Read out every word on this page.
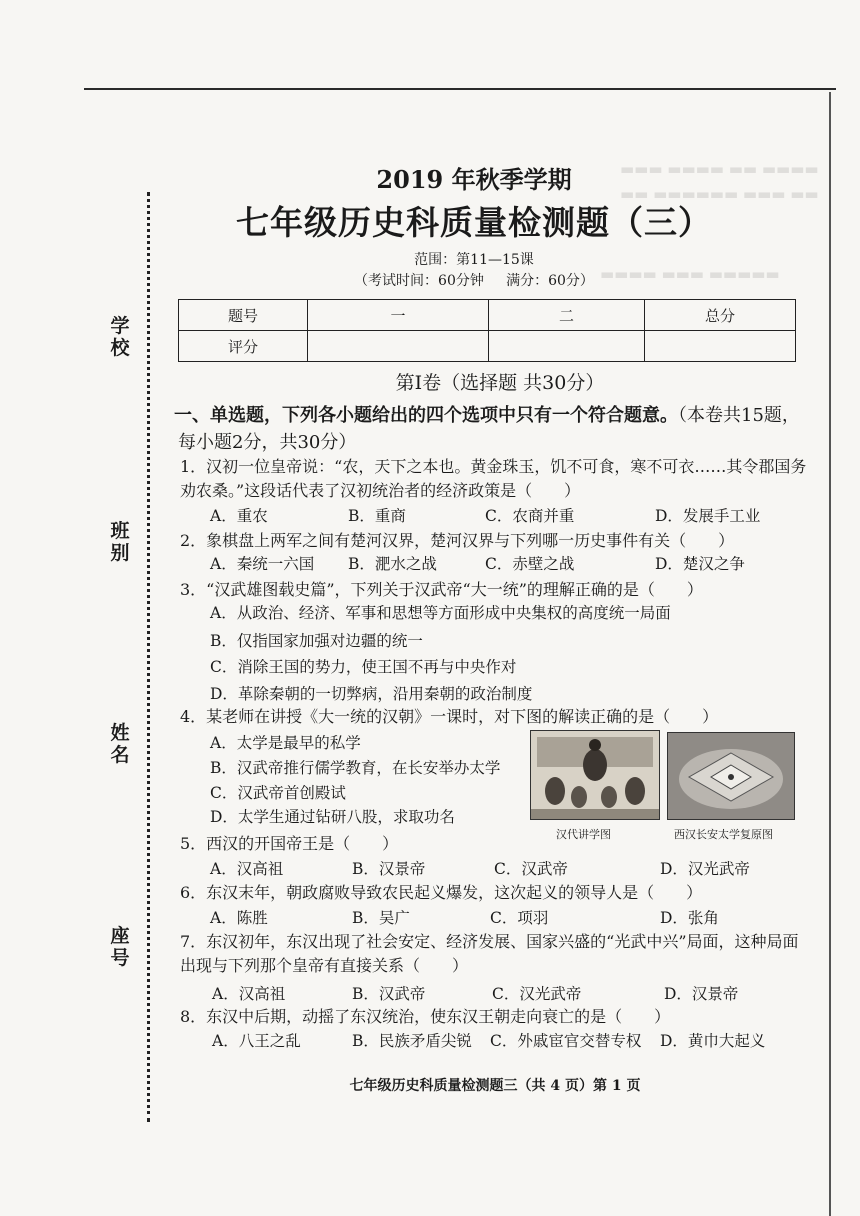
▬▬▬ ▬▬▬▬ ▬▬ ▬▬▬▬
▬▬ ▬▬▬▬▬▬ ▬▬▬ ▬▬
▬▬▬▬ ▬▬▬ ▬▬▬▬▬
学校
班别
姓名
座号
2019 年秋季学期
七年级历史科质量检测题（三）
范围：第11—15课
（考试时间：60分钟     满分：60分）
题号	一	二	总分
评分			
第Ⅰ卷（选择题 共30分）
一、单选题，下列各小题给出的四个选项中只有一个符合题意。（本卷共15题，每小题2分，共30分）
1．汉初一位皇帝说：“农，天下之本也。黄金珠玉，饥不可食，寒不可衣……其令郡国务劝农桑。”这段话代表了汉初统治者的经济政策是（　　）
A．重农	B．重商	C．农商并重	D．发展手工业
2．象棋盘上两军之间有楚河汉界，楚河汉界与下列哪一历史事件有关（　　）
A．秦统一六国 B．淝水之战	C．赤壁之战	D．楚汉之争
3．“汉武雄图载史篇”，下列关于汉武帝“大一统”的理解正确的是（　　）
A．从政治、经济、军事和思想等方面形成中央集权的高度统一局面
B．仅指国家加强对边疆的统一
C．消除王国的势力，使王国不再与中央作对
D．革除秦朝的一切弊病，沿用秦朝的政治制度
4．某老师在讲授《大一统的汉朝》一课时，对下图的解读正确的是（　　）
A．太学是最早的私学
B．汉武帝推行儒学教育，在长安举办太学
C．汉武帝首创殿试
D．太学生通过钻研八股，求取功名
汉代讲学图	西汉长安太学复原图
5．西汉的开国帝王是（　　）
A．汉高祖	B．汉景帝	C．汉武帝	D．汉光武帝
6．东汉末年，朝政腐败导致农民起义爆发，这次起义的领导人是（　　）
A．陈胜	B．吴广	C．项羽	D．张角
7．东汉初年，东汉出现了社会安定、经济发展、国家兴盛的“光武中兴”局面，这种局面出现与下列那个皇帝有直接关系（　　）
A．汉高祖	B．汉武帝	C．汉光武帝	D．汉景帝
8．东汉中后期，动摇了东汉统治，使东汉王朝走向衰亡的是（　　）
A．八王之乱	B．民族矛盾尖锐 C．外戚宦官交替专权 D．黄巾大起义
七年级历史科质量检测题三（共 4 页）第 1 页
